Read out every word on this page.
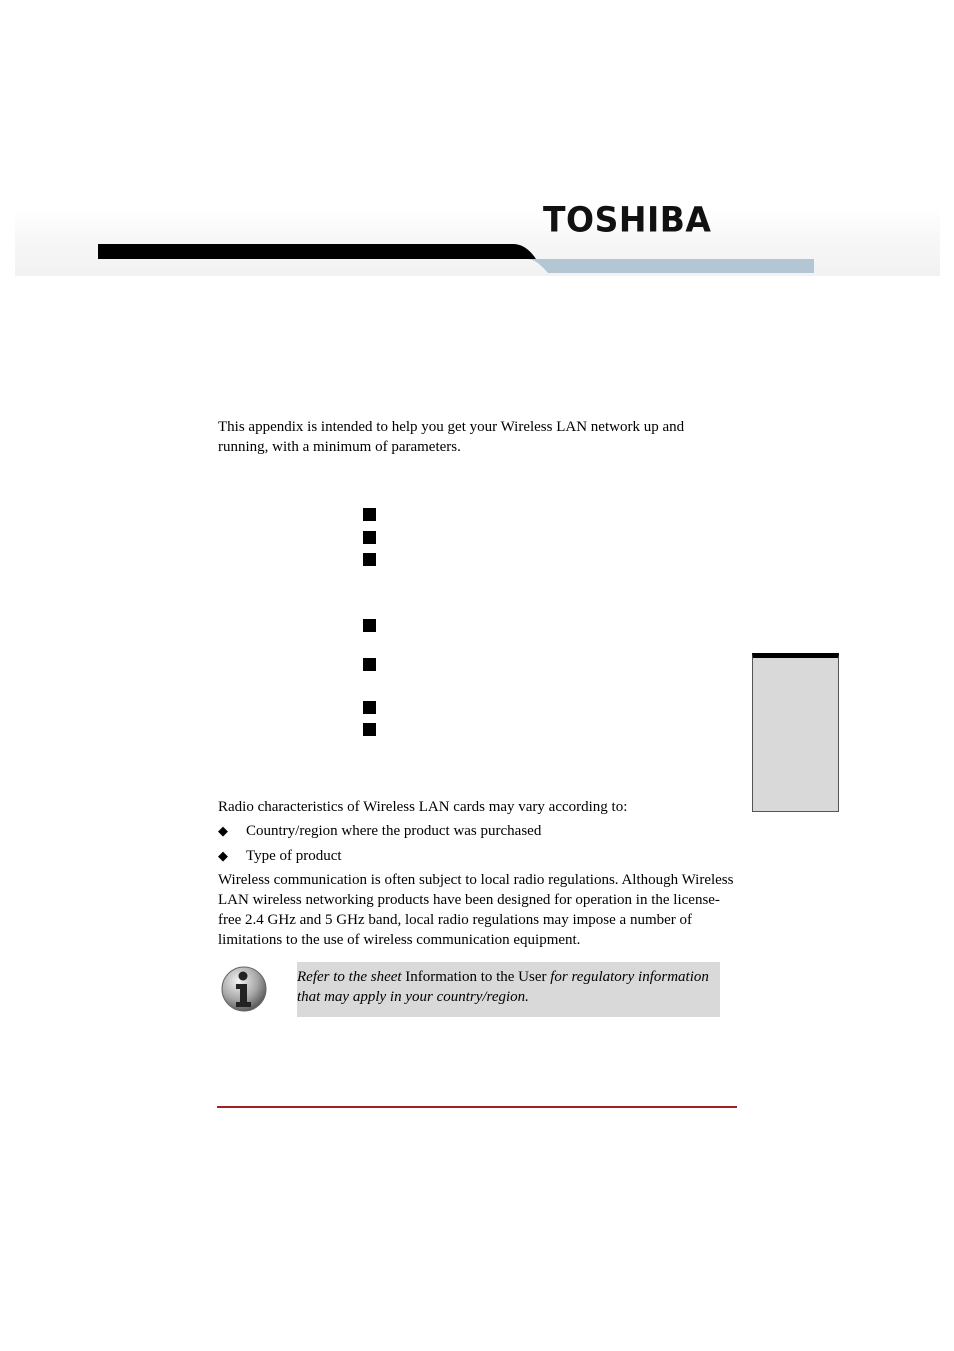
TOSHIBA
This appendix is intended to help you get your Wireless LAN network up and running, with a minimum of parameters.
Radio characteristics of Wireless LAN cards may vary according to:
◆ Country/region where the product was purchased
◆ Type of product
Wireless communication is often subject to local radio regulations. Although Wireless LAN wireless networking products have been designed for operation in the license-free 2.4 GHz and 5 GHz band, local radio regulations may impose a number of limitations to the use of wireless communication equipment.
Refer to the sheet Information to the User for regulatory information that may apply in your country/region.
